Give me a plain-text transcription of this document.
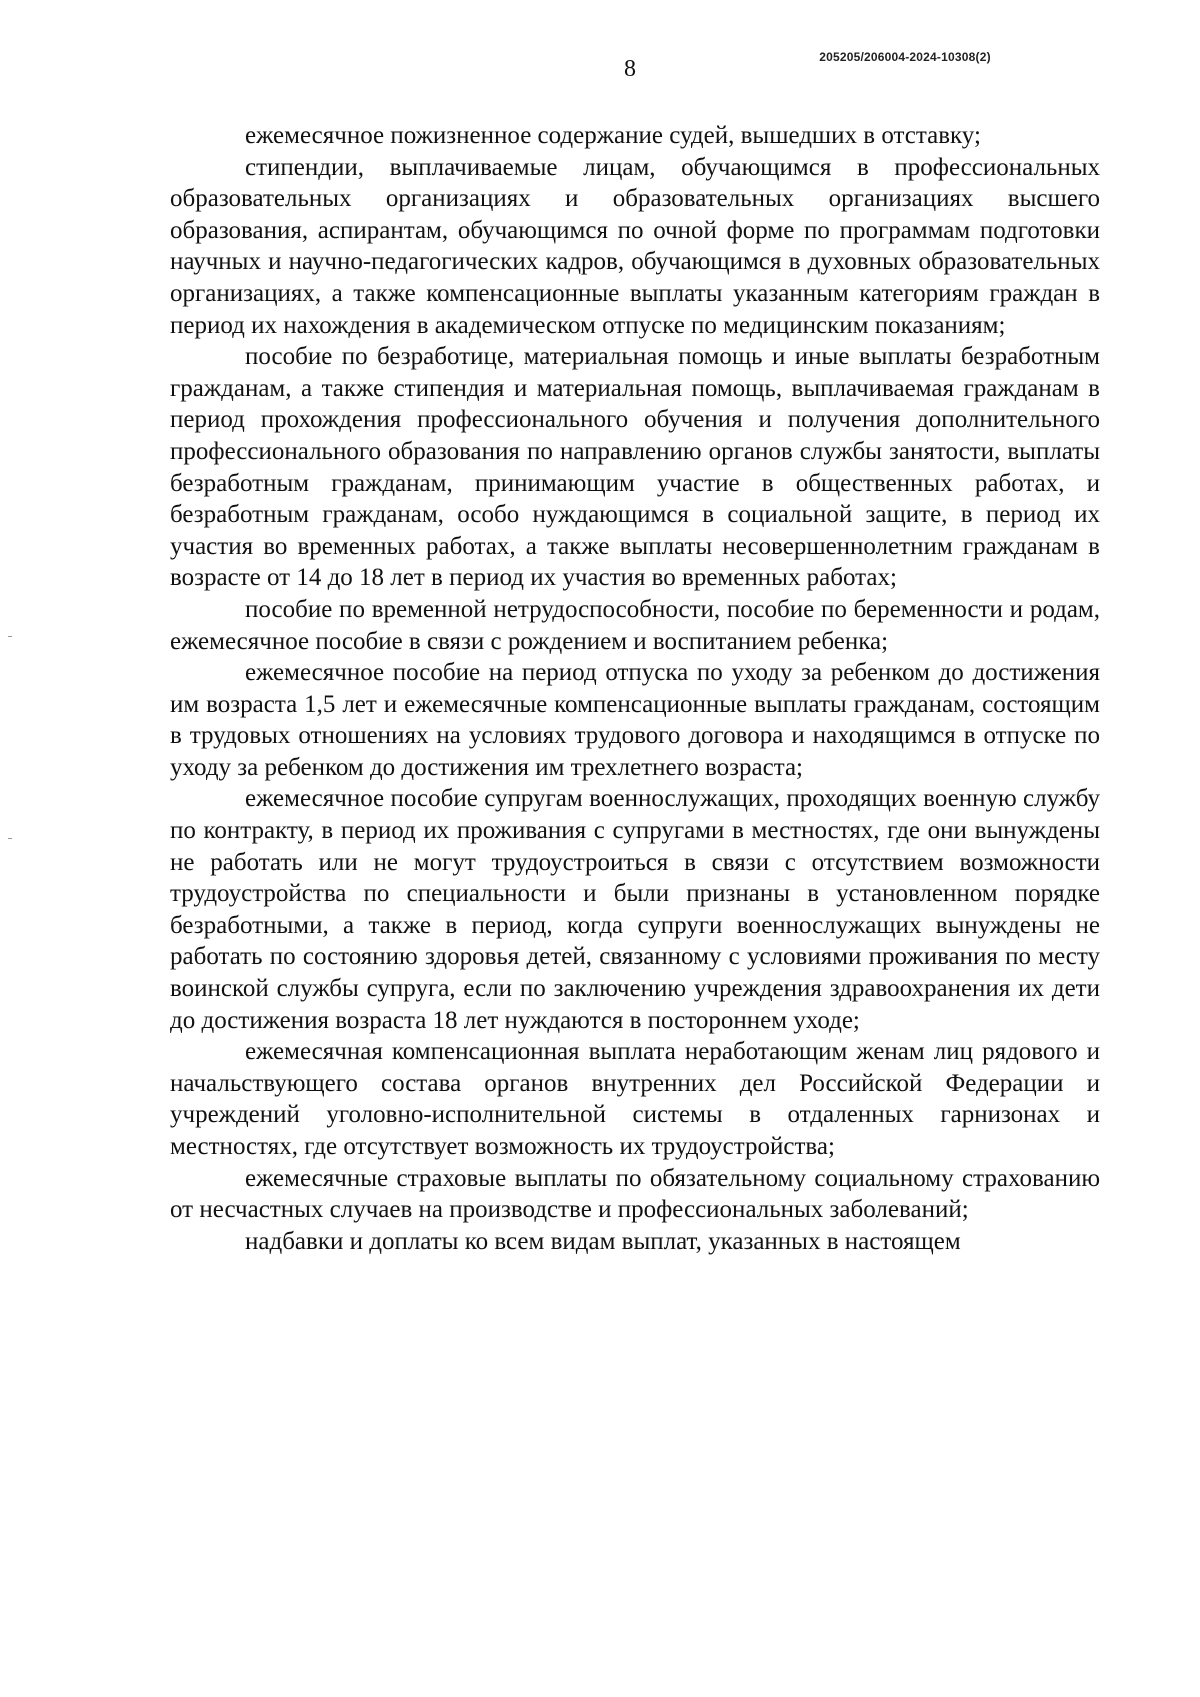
205205/206004-2024-10308(2)
8

ежемесячное пожизненное содержание судей, вышедших в отставку;

стипендии, выплачиваемые лицам, обучающимся в профессиональных образовательных организациях и образовательных организациях высшего образования, аспирантам, обучающимся по очной форме по программам подготовки научных и научно-педагогических кадров, обучающимся в духовных образовательных организациях, а также компенсационные выплаты указанным категориям граждан в период их нахождения в академическом отпуске по медицинским показаниям;

пособие по безработице, материальная помощь и иные выплаты безработным гражданам, а также стипендия и материальная помощь, выплачиваемая гражданам в период прохождения профессионального обучения и получения дополнительного профессионального образования по направлению органов службы занятости, выплаты безработным гражданам, принимающим участие в общественных работах, и безработным гражданам, особо нуждающимся в социальной защите, в период их участия во временных работах, а также выплаты несовершеннолетним гражданам в возрасте от 14 до 18 лет в период их участия во временных работах;

пособие по временной нетрудоспособности, пособие по беременности и родам, ежемесячное пособие в связи с рождением и воспитанием ребенка;

ежемесячное пособие на период отпуска по уходу за ребенком до достижения им возраста 1,5 лет и ежемесячные компенсационные выплаты гражданам, состоящим в трудовых отношениях на условиях трудового договора и находящимся в отпуске по уходу за ребенком до достижения им трехлетнего возраста;

ежемесячное пособие супругам военнослужащих, проходящих военную службу по контракту, в период их проживания с супругами в местностях, где они вынуждены не работать или не могут трудоустроиться в связи с отсутствием возможности трудоустройства по специальности и были признаны в установленном порядке безработными, а также в период, когда супруги военнослужащих вынуждены не работать по состоянию здоровья детей, связанному с условиями проживания по месту воинской службы супруга, если по заключению учреждения здравоохранения их дети до достижения возраста 18 лет нуждаются в постороннем уходе;

ежемесячная компенсационная выплата неработающим женам лиц рядового и начальствующего состава органов внутренних дел Российской Федерации и учреждений уголовно-исполнительной системы в отдаленных гарнизонах и местностях, где отсутствует возможность их трудоустройства;

ежемесячные страховые выплаты по обязательному социальному страхованию от несчастных случаев на производстве и профессиональных заболеваний;

надбавки и доплаты ко всем видам выплат, указанных в настоящем
